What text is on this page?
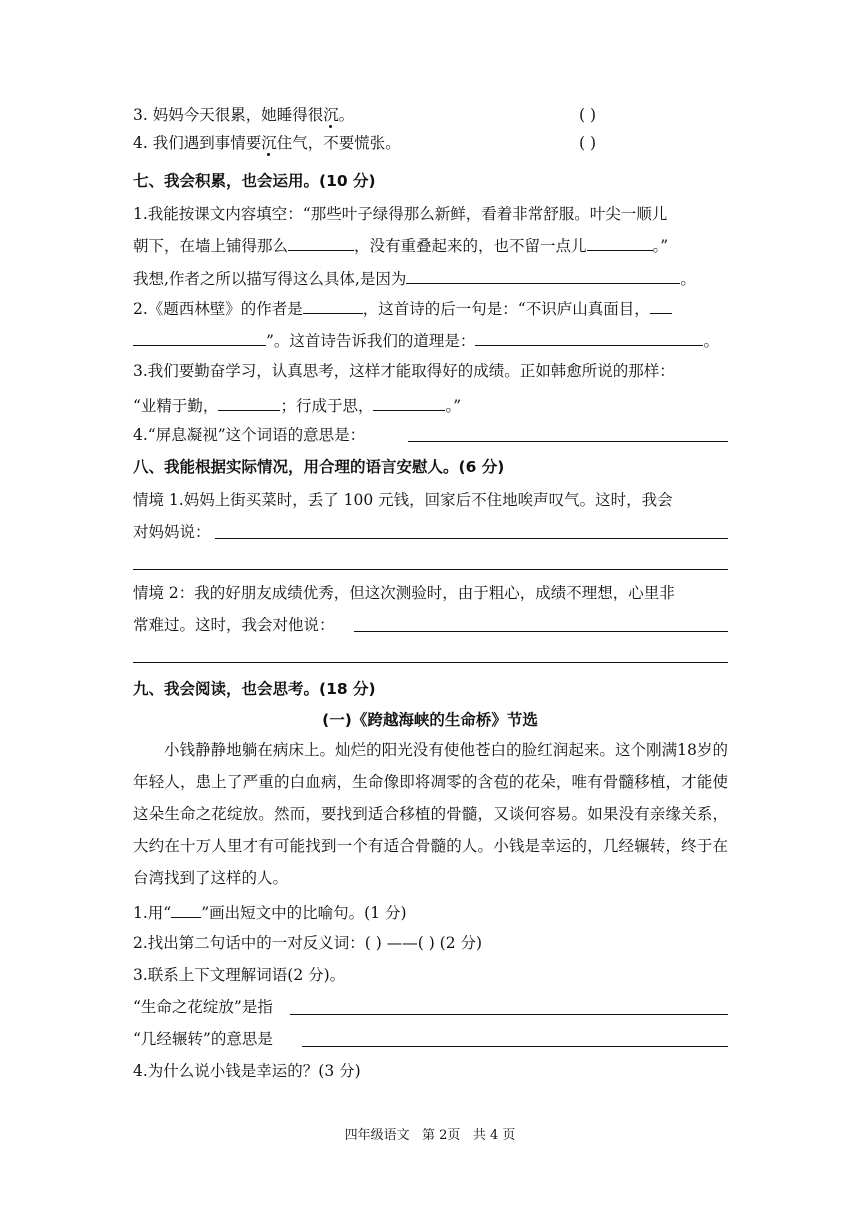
3. 妈妈今天很累，她睡得很沉。	( )
4. 我们遇到事情要沉住气，不要慌张。	( )
七、我会积累，也会运用。(10 分)
1.我能按课文内容填空：“那些叶子绿得那么新鲜，看着非常舒服。叶尖一顺儿
朝下，在墙上铺得那么	，没有重叠起来的，也不留一点儿	。”
我想,作者之所以描写得这么具体,是因为	。
2.《题西林壁》的作者是	，这首诗的后一句是：“不识庐山真面目，
”。这首诗告诉我们的道理是：	。
3.我们要勤奋学习，认真思考，这样才能取得好的成绩。正如韩愈所说的那样：
“业精于勤，	；行成于思，	。”
4.“屏息凝视”这个词语的意思是：
八、我能根据实际情况，用合理的语言安慰人。(6 分)
情境 1.妈妈上街买菜时，丢了 100 元钱，回家后不住地唉声叹气。这时，我会
对妈妈说：
情境 2：我的好朋友成绩优秀，但这次测验时，由于粗心，成绩不理想，心里非
常难过。这时，我会对他说：
九、我会阅读，也会思考。(18 分)
(一)《跨越海峡的生命桥》节选
小钱静静地躺在病床上。灿烂的阳光没有使他苍白的脸红润起来。这个刚满18岁的年轻人，患上了严重的白血病，生命像即将凋零的含苞的花朵，唯有骨髓移植，才能使这朵生命之花绽放。然而，要找到适合移植的骨髓，又谈何容易。如果没有亲缘关系，大约在十万人里才有可能找到一个有适合骨髓的人。小钱是幸运的，几经辗转，终于在台湾找到了这样的人。
1.用“ ”画出短文中的比喻句。(1 分)
2.找出第二句话中的一对反义词：( ) ——( ) (2 分)
3.联系上下文理解词语(2 分)。
“生命之花绽放”是指
“几经辗转”的意思是
4.为什么说小钱是幸运的？(3 分)
四年级语文 第 2页 共 4 页
